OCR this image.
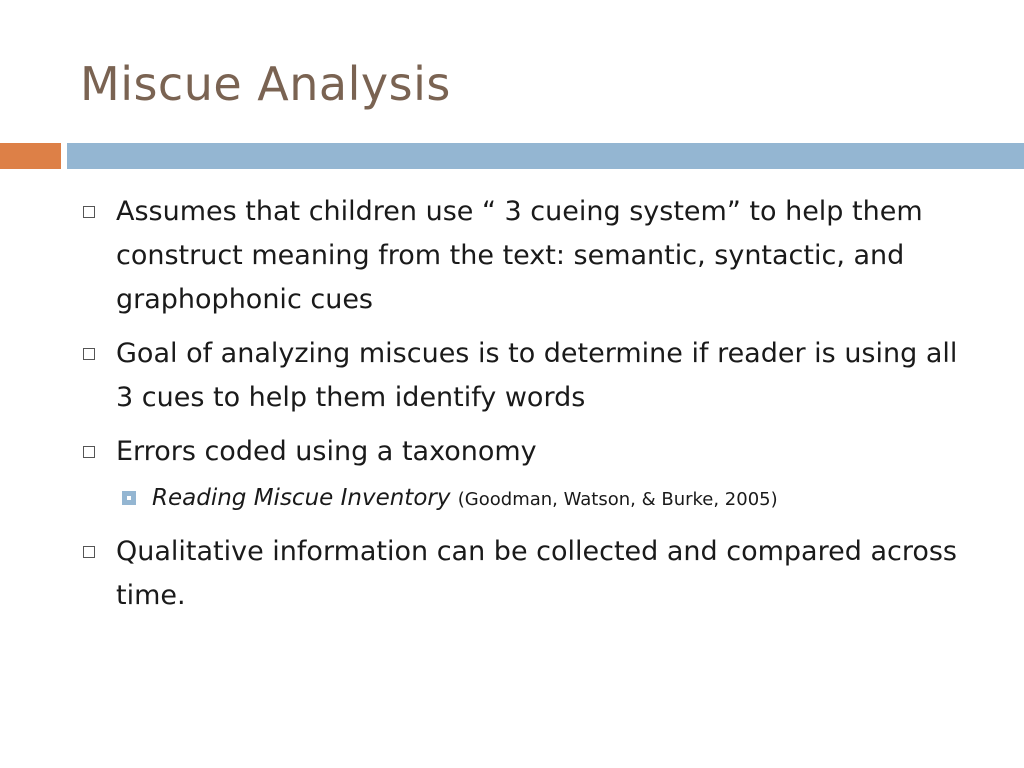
Miscue Analysis
Assumes that children use “ 3 cueing system” to help them construct meaning from the text: semantic, syntactic, and graphophonic cues
Goal of analyzing miscues is to determine if reader is using all 3 cues to help them identify words
Errors coded using a taxonomy
Reading Miscue Inventory (Goodman, Watson, & Burke, 2005)
Qualitative information can be collected and compared across time.
